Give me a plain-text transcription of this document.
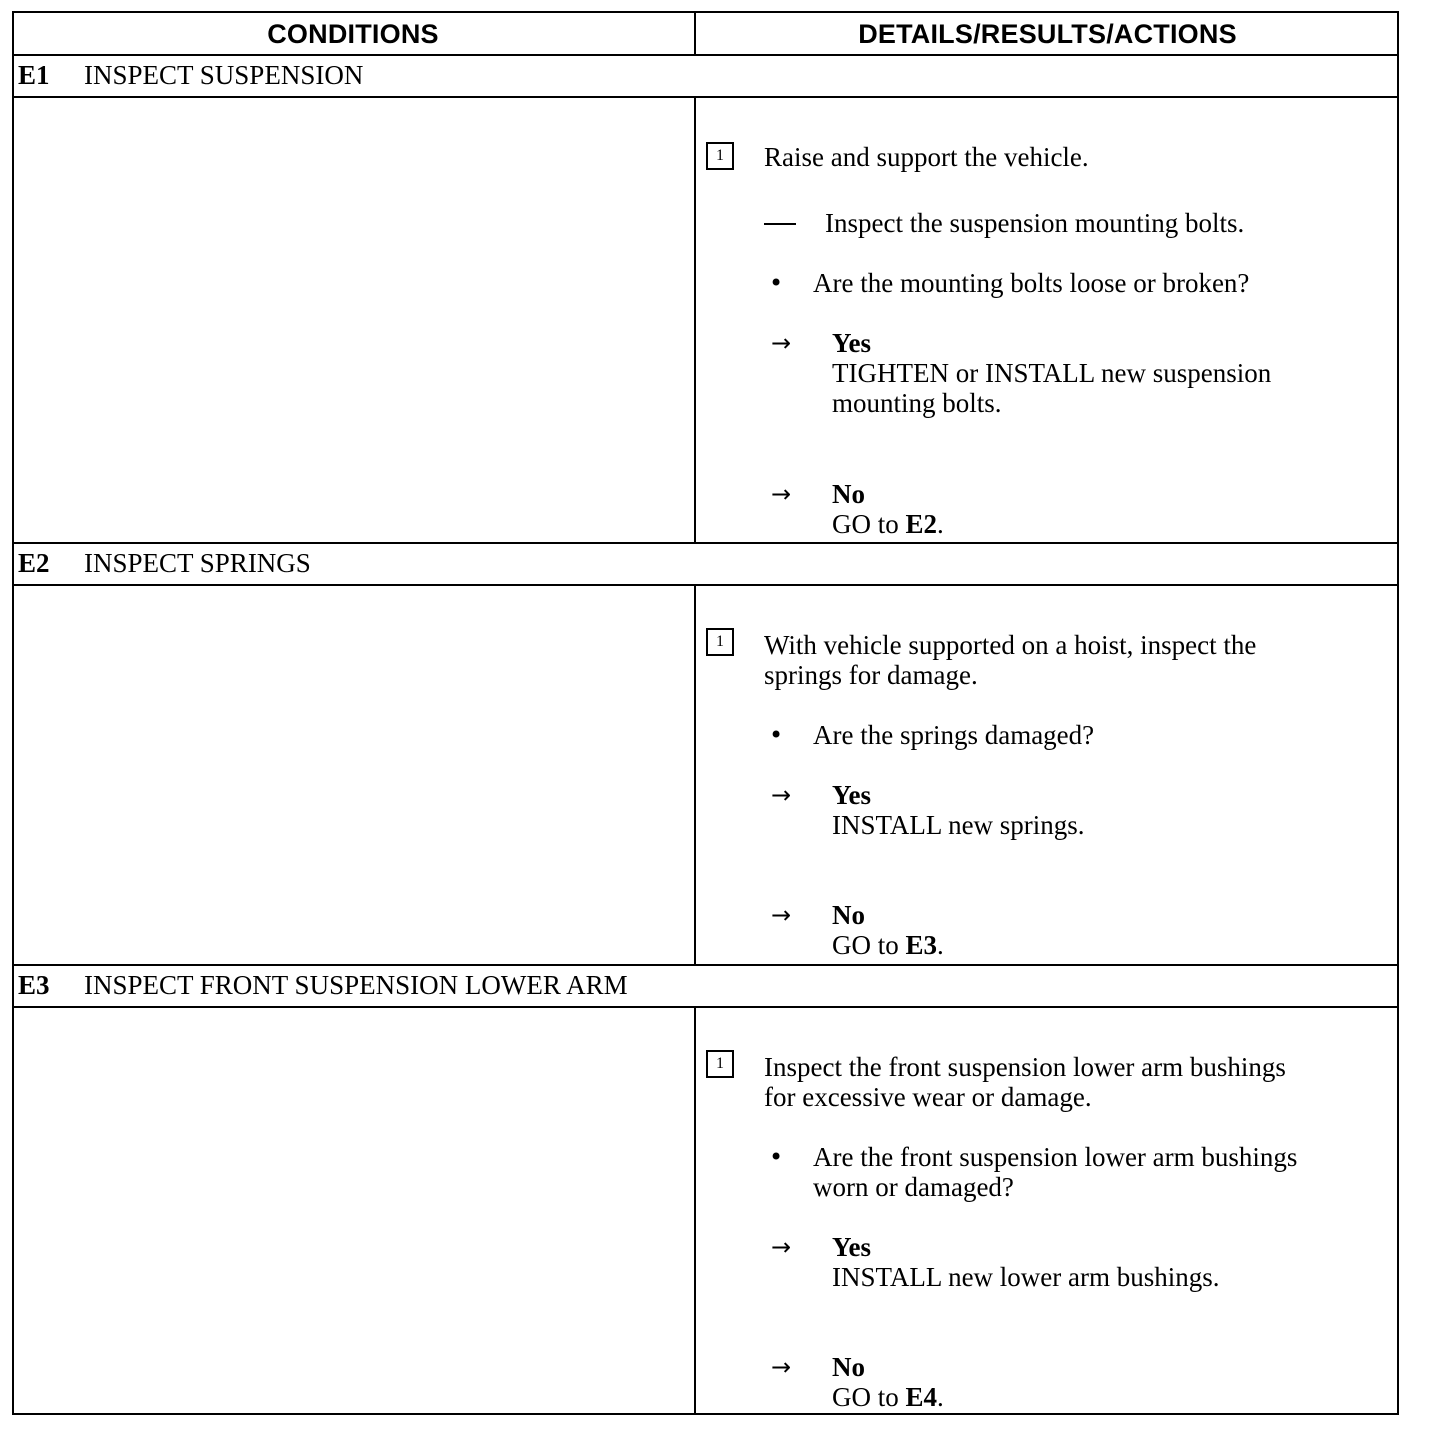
CONDITIONS	DETAILS/RESULTS/ACTIONS
E1	INSPECT SUSPENSION
1	Raise and support the vehicle.
Inspect the suspension mounting bolts.
• Are the mounting bolts loose or broken?
→ Yes
TIGHTEN or INSTALL new suspension
mounting bolts.
→ No
GO to E2.
E2	INSPECT SPRINGS
1	With vehicle supported on a hoist, inspect the
springs for damage.
• Are the springs damaged?
→ Yes
INSTALL new springs.
→ No
GO to E3.
E3	INSPECT FRONT SUSPENSION LOWER ARM
1	Inspect the front suspension lower arm bushings
for excessive wear or damage.
• Are the front suspension lower arm bushings
worn or damaged?
→ Yes
INSTALL new lower arm bushings.
→ No
GO to E4.
